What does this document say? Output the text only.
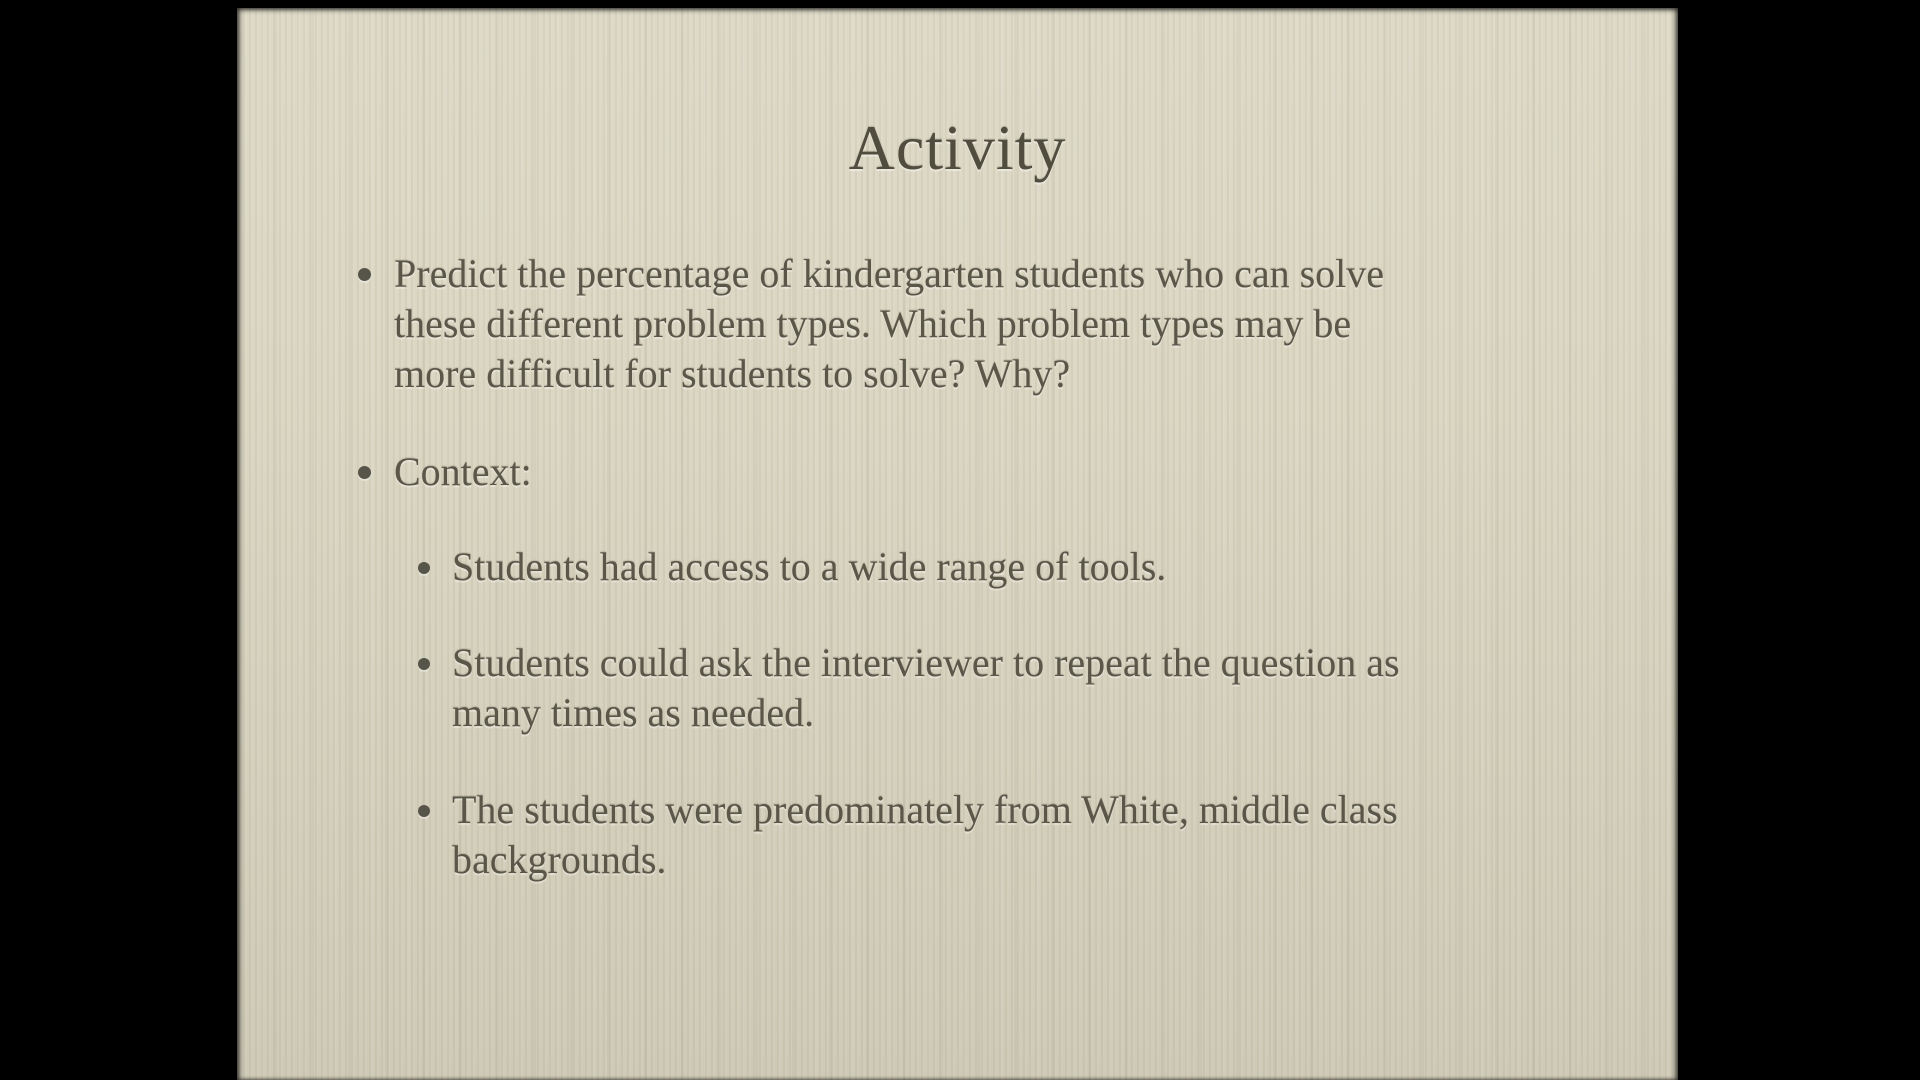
Activity
Predict the percentage of kindergarten students who can solve
these different problem types. Which problem types may be
more difficult for students to solve? Why?
Context:
Students had access to a wide range of tools.
Students could ask the interviewer to repeat the question as
many times as needed.
The students were predominately from White, middle class
backgrounds.
